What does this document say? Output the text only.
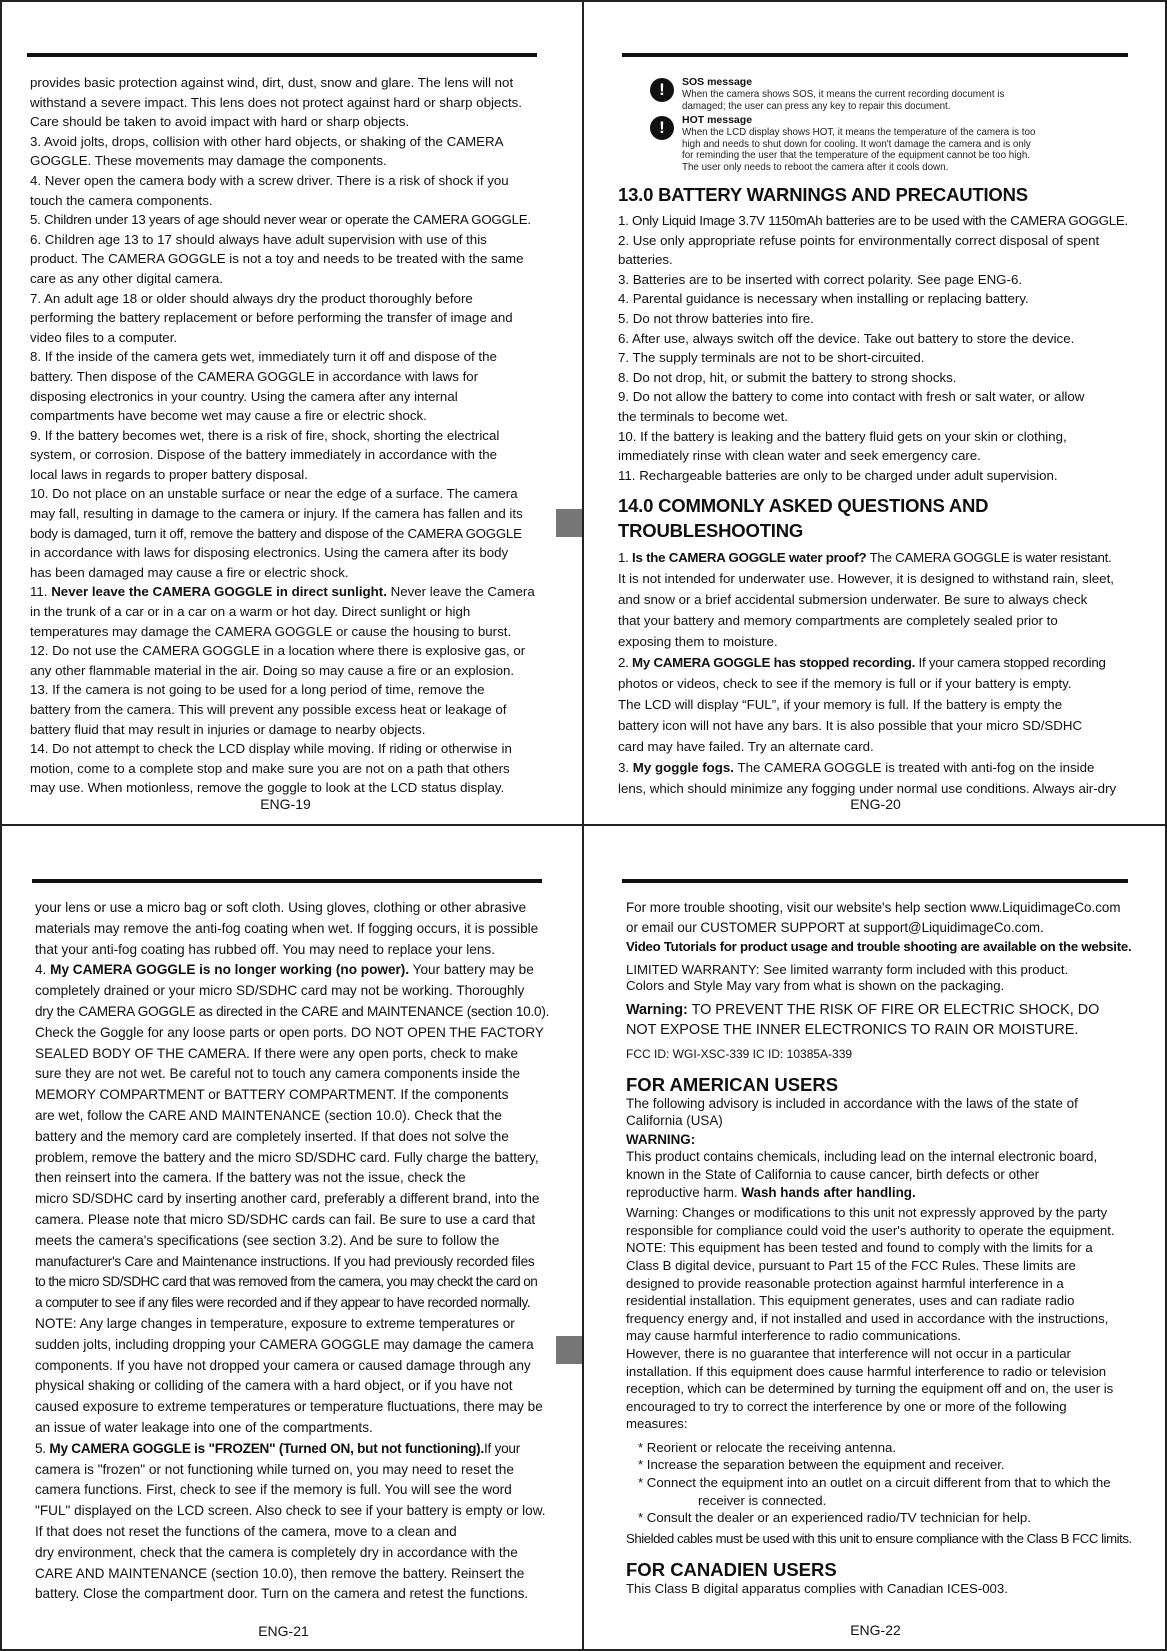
provides basic protection against wind, dirt, dust, snow and glare. The lens will not
withstand a severe impact. This lens does not protect against hard or sharp objects.
Care should be taken to avoid impact with hard or sharp objects.
3. Avoid jolts, drops, collision with other hard objects, or shaking of the CAMERA
GOGGLE. These movements may damage the components.
4. Never open the camera body with a screw driver. There is a risk of shock if you
touch the camera components.
5. Children under 13 years of age should never wear or operate the CAMERA GOGGLE.
6. Children age 13 to 17 should always have adult supervision with use of this
product. The CAMERA GOGGLE is not a toy and needs to be treated with the same
care as any other digital camera.
7. An adult age 18 or older should always dry the product thoroughly before
performing the battery replacement or before performing the transfer of image and
video files to a computer.
8. If the inside of the camera gets wet, immediately turn it off and dispose of the
battery. Then dispose of the CAMERA GOGGLE in accordance with laws for
disposing electronics in your country. Using the camera after any internal
compartments have become wet may cause a fire or electric shock.
9. If the battery becomes wet, there is a risk of fire, shock, shorting the electrical
system, or corrosion. Dispose of the battery immediately in accordance with the
local laws in regards to proper battery disposal.
10. Do not place on an unstable surface or near the edge of a surface. The camera
may fall, resulting in damage to the camera or injury. If the camera has fallen and its
body is damaged, turn it off, remove the battery and dispose of the CAMERA GOGGLE
in accordance with laws for disposing electronics. Using the camera after its body
has been damaged may cause a fire or electric shock.
11. Never leave the CAMERA GOGGLE in direct sunlight. Never leave the Camera
in the trunk of a car or in a car on a warm or hot day. Direct sunlight or high
temperatures may damage the CAMERA GOGGLE or cause the housing to burst.
12. Do not use the CAMERA GOGGLE in a location where there is explosive gas, or
any other flammable material in the air. Doing so may cause a fire or an explosion.
13. If the camera is not going to be used for a long period of time, remove the
battery from the camera. This will prevent any possible excess heat or leakage of
battery fluid that may result in injuries or damage to nearby objects.
14. Do not attempt to check the LCD display while moving. If riding or otherwise in
motion, come to a complete stop and make sure you are not on a path that others
may use. When motionless, remove the goggle to look at the LCD status display.
ENG-19
!	SOS message
When the camera shows SOS, it means the current recording document is damaged; the user can press any key to repair this document.
!	HOT message
When the LCD display shows HOT, it means the temperature of the camera is too high and needs to shut down for cooling. It won't damage the camera and is only for reminding the user that the temperature of the equipment cannot be too high. The user only needs to reboot the camera after it cools down.
13.0 BATTERY WARNINGS AND PRECAUTIONS
1. Only Liquid Image 3.7V 1150mAh batteries are to be used with the CAMERA GOGGLE.
2. Use only appropriate refuse points for environmentally correct disposal of spent
batteries.
3. Batteries are to be inserted with correct polarity. See page ENG-6.
4. Parental guidance is necessary when installing or replacing battery.
5. Do not throw batteries into fire.
6. After use, always switch off the device. Take out battery to store the device.
7. The supply terminals are not to be short-circuited.
8. Do not drop, hit, or submit the battery to strong shocks.
9. Do not allow the battery to come into contact with fresh or salt water, or allow
the terminals to become wet.
10. If the battery is leaking and the battery fluid gets on your skin or clothing,
immediately rinse with clean water and seek emergency care.
11. Rechargeable batteries are only to be charged under adult supervision.
14.0 COMMONLY ASKED QUESTIONS AND
TROUBLESHOOTING
1. Is the CAMERA GOGGLE water proof? The CAMERA GOGGLE is water resistant.
It is not intended for underwater use. However, it is designed to withstand rain, sleet,
and snow or a brief accidental submersion underwater. Be sure to always check
that your battery and memory compartments are completely sealed prior to
exposing them to moisture.
2. My CAMERA GOGGLE has stopped recording. If your camera stopped recording
photos or videos, check to see if the memory is full or if your battery is empty.
The LCD will display “FUL”, if your memory is full. If the battery is empty the
battery icon will not have any bars. It is also possible that your micro SD/SDHC
card may have failed. Try an alternate card.
3. My goggle fogs. The CAMERA GOGGLE is treated with anti-fog on the inside
lens, which should minimize any fogging under normal use conditions. Always air-dry
ENG-20
your lens or use a micro bag or soft cloth. Using gloves, clothing or other abrasive
materials may remove the anti-fog coating when wet. If fogging occurs, it is possible
that your anti-fog coating has rubbed off. You may need to replace your lens.
4. My CAMERA GOGGLE is no longer working (no power). Your battery may be
completely drained or your micro SD/SDHC card may not be working. Thoroughly
dry the CAMERA GOGGLE as directed in the CARE and MAINTENANCE (section 10.0).
Check the Goggle for any loose parts or open ports. DO NOT OPEN THE FACTORY
SEALED BODY OF THE CAMERA. If there were any open ports, check to make
sure they are not wet. Be careful not to touch any camera components inside the
MEMORY COMPARTMENT or BATTERY COMPARTMENT. If the components
are wet, follow the CARE AND MAINTENANCE (section 10.0). Check that the
battery and the memory card are completely inserted. If that does not solve the
problem, remove the battery and the micro SD/SDHC card. Fully charge the battery,
then reinsert into the camera. If the battery was not the issue, check the
micro SD/SDHC card by inserting another card, preferably a different brand, into the
camera. Please note that micro SD/SDHC cards can fail. Be sure to use a card that
meets the camera's specifications (see section 3.2). And be sure to follow the
manufacturer's Care and Maintenance instructions. If you had previously recorded files
to the micro SD/SDHC card that was removed from the camera, you may checkt the card on
a computer to see if any files were recorded and if they appear to have recorded normally.
NOTE: Any large changes in temperature, exposure to extreme temperatures or
sudden jolts, including dropping your CAMERA GOGGLE may damage the camera
components. If you have not dropped your camera or caused damage through any
physical shaking or colliding of the camera with a hard object, or if you have not
caused exposure to extreme temperatures or temperature fluctuations, there may be
an issue of water leakage into one of the compartments.
5. My CAMERA GOGGLE is "FROZEN" (Turned ON, but not functioning).If your
camera is "frozen" or not functioning while turned on, you may need to reset the
camera functions. First, check to see if the memory is full. You will see the word
"FUL" displayed on the LCD screen. Also check to see if your battery is empty or low.
If that does not reset the functions of the camera, move to a clean and
dry environment, check that the camera is completely dry in accordance with the
CARE AND MAINTENANCE (section 10.0), then remove the battery. Reinsert the
battery. Close the compartment door. Turn on the camera and retest the functions.
ENG-21
For more trouble shooting, visit our website's help section www.LiquidimageCo.com
or email our CUSTOMER SUPPORT at support@LiquidimageCo.com.
Video Tutorials for product usage and trouble shooting are available on the website.
LIMITED WARRANTY: See limited warranty form included with this product.
Colors and Style May vary from what is shown on the packaging.
Warning: TO PREVENT THE RISK OF FIRE OR ELECTRIC SHOCK, DO
NOT EXPOSE THE INNER ELECTRONICS TO RAIN OR MOISTURE.
FCC ID: WGI-XSC-339 IC ID: 10385A-339
FOR AMERICAN USERS
The following advisory is included in accordance with the laws of the state of
California (USA)
WARNING:
This product contains chemicals, including lead on the internal electronic board,
known in the State of California to cause cancer, birth defects or other
reproductive harm. Wash hands after handling.
Warning: Changes or modifications to this unit not expressly approved by the party
responsible for compliance could void the user's authority to operate the equipment.
NOTE: This equipment has been tested and found to comply with the limits for a
Class B digital device, pursuant to Part 15 of the FCC Rules. These limits are
designed to provide reasonable protection against harmful interference in a
residential installation. This equipment generates, uses and can radiate radio
frequency energy and, if not installed and used in accordance with the instructions,
may cause harmful interference to radio communications.
However, there is no guarantee that interference will not occur in a particular
installation. If this equipment does cause harmful interference to radio or television
reception, which can be determined by turning the equipment off and on, the user is
encouraged to try to correct the interference by one or more of the following
measures:
* Reorient or relocate the receiving antenna.
* Increase the separation between the equipment and receiver.
* Connect the equipment into an outlet on a circuit different from that to which the
receiver is connected.
* Consult the dealer or an experienced radio/TV technician for help.
Shielded cables must be used with this unit to ensure compliance with the Class B FCC limits.
FOR CANADIEN USERS
This Class B digital apparatus complies with Canadian ICES-003.
ENG-22
